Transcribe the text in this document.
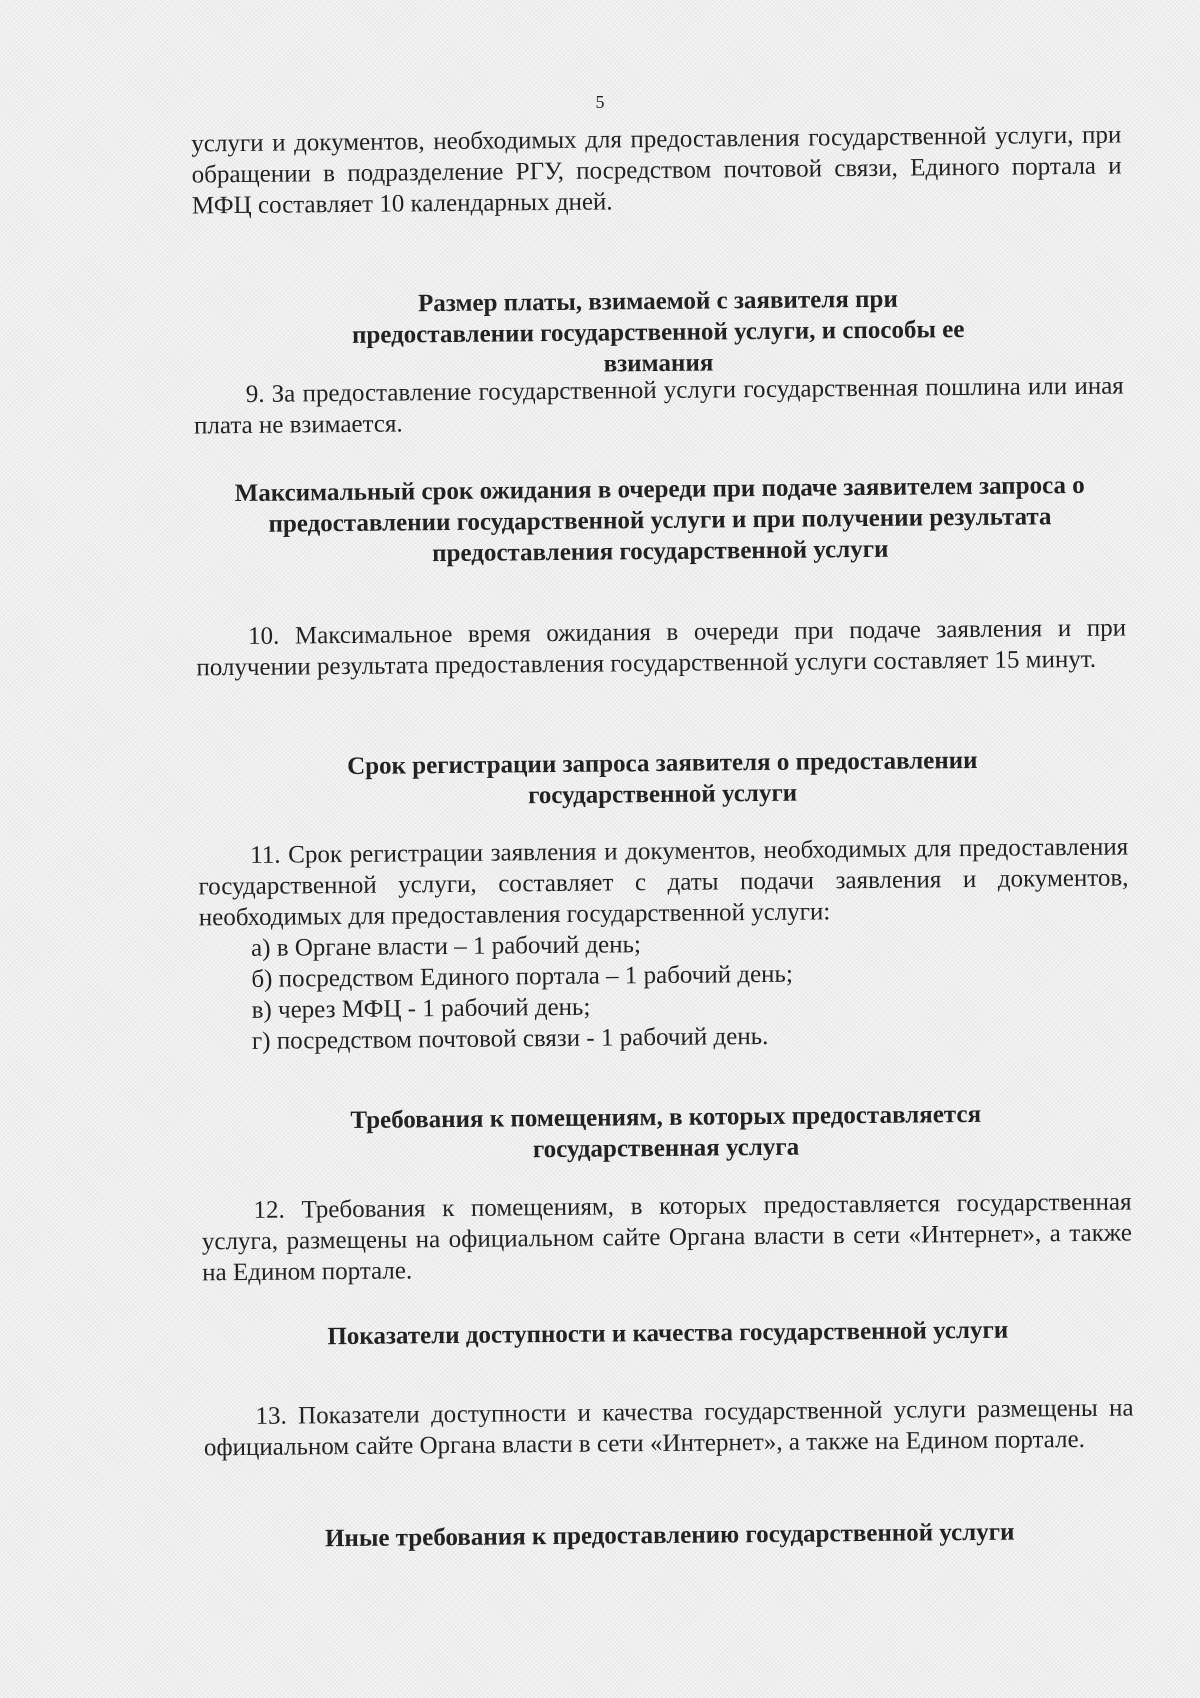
5

услуги и документов, необходимых для предоставления государственной услуги, при обращении в подразделение РГУ, посредством почтовой связи, Единого портала и МФЦ составляет 10 календарных дней.

Размер платы, взимаемой с заявителя при предоставлении государственной услуги, и способы ее взимания

9. За предоставление государственной услуги государственная пошлина или иная плата не взимается.

Максимальный срок ожидания в очереди при подаче заявителем запроса о предоставлении государственной услуги и при получении результата предоставления государственной услуги

10. Максимальное время ожидания в очереди при подаче заявления и при получении результата предоставления государственной услуги составляет 15 минут.

Срок регистрации запроса заявителя о предоставлении государственной услуги

11. Срок регистрации заявления и документов, необходимых для предоставления государственной услуги, составляет с даты подачи заявления и документов, необходимых для предоставления государственной услуги:

а) в Органе власти – 1 рабочий день;

б) посредством Единого портала – 1 рабочий день;

в) через МФЦ - 1 рабочий день;

г) посредством почтовой связи - 1 рабочий день.

Требования к помещениям, в которых предоставляется государственная услуга

12. Требования к помещениям, в которых предоставляется государственная услуга, размещены на официальном сайте Органа власти в сети «Интернет», а также на Едином портале.

Показатели доступности и качества государственной услуги

13. Показатели доступности и качества государственной услуги размещены на официальном сайте Органа власти в сети «Интернет», а также на Едином портале.

Иные требования к предоставлению государственной услуги
